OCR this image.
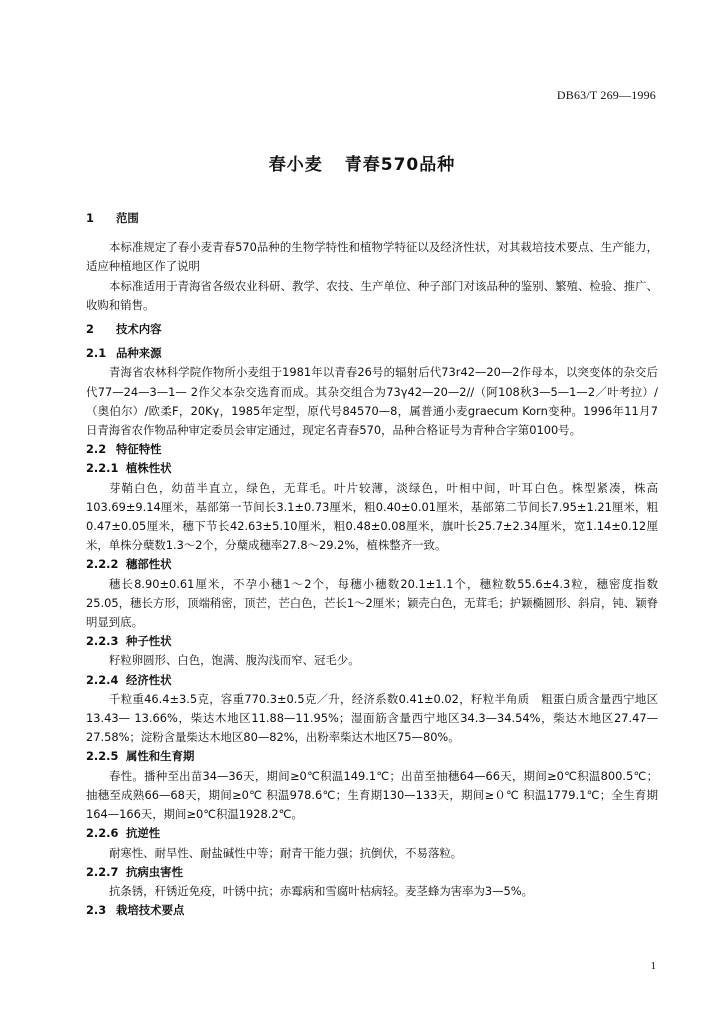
DB63/T 269—1996
春小麦 青春570品种
1 范围
本标准规定了春小麦青春570品种的生物学特性和植物学特征以及经济性状，对其栽培技术要点、生产能力，适应种植地区作了说明
本标准适用于青海省各级农业科研、教学、农技、生产单位、种子部门对该品种的鉴别、繁殖、检验、推广、收购和销售。
2 技术内容
2.1 品种来源
青海省农林科学院作物所小麦组于1981年以青春26号的辐射后代73r42—20—2作母本，以突变体的杂交后代77—24—3—1— 2作父本杂交选育而成。其杂交组合为73γ42—20—2//（阿108秋3—5—1—2／叶考拉）/（奥伯尔）/欧柔F，20Kγ，1985年定型，原代号84570—8，属普通小麦graecum Korn变种。1996年11月7日青海省农作物品种审定委员会审定通过，现定名青春570，品种合格证号为青种合字第0100号。
2.2 特征特性
2.2.1 植株性状
芽鞘白色，幼苗半直立，绿色，无茸毛。叶片较薄，淡绿色，叶相中间，叶耳白色。株型紧凑，株高103.69±9.14厘米，基部第一节间长3.1±0.73厘米，粗0.40±0.01厘米，基部第二节间长7.95±1.21厘米，粗0.47±0.05厘米，穗下节长42.63±5.10厘米，粗0.48±0.08厘米，旗叶长25.7±2.34厘米，宽1.14±0.12厘米，单株分蘖数1.3～2个，分蘖成穗率27.8～29.2%，植株整齐一致。
2.2.2 穗部性状
穗长8.90±0.61厘米，不孕小穗1～2个，每穗小穗数20.1±1.1个，穗粒数55.6±4.3粒，穗密度指数25.05，穗长方形，顶端稍密，顶芒，芒白色，芒长1～2厘米；颖壳白色，无茸毛；护颖椭圆形、斜肩，钝、颖脊明显到底。
2.2.3 种子性状
籽粒卵圆形、白色，饱满、腹沟浅而窄、冠毛少。
2.2.4 经济性状
千粒重46.4±3.5克，容重770.3±0.5克／升，经济系数0.41±0.02，籽粒半角质　粗蛋白质含量西宁地区13.43— 13.66%，柴达木地区11.88—11.95%；湿面筋含量西宁地区34.3—34.54%，柴达木地区27.47—27.58%；淀粉含量柴达木地区80—82%，出粉率柴达木地区75—80%。
2.2.5 属性和生育期
春性。播种至出苗34—36天，期间≥0℃积温149.1℃；出苗至抽穗64—66天，期间≥0℃积温800.5℃；抽穗至成熟66—68天，期间≥0℃ 积温978.6℃；生育期130—133天，期间≥０℃ 积温1779.1℃；全生育期164—166天，期间≥0℃积温1928.2℃。
2.2.6 抗逆性
耐寒性、耐旱性、耐盐碱性中等；耐青干能力强；抗倒伏，不易落粒。
2.2.7 抗病虫害性
抗条锈，秆锈近免疫，叶锈中抗；赤霉病和雪腐叶枯病轻。麦茎蜂为害率为3—5%。
2.3 栽培技术要点

1
